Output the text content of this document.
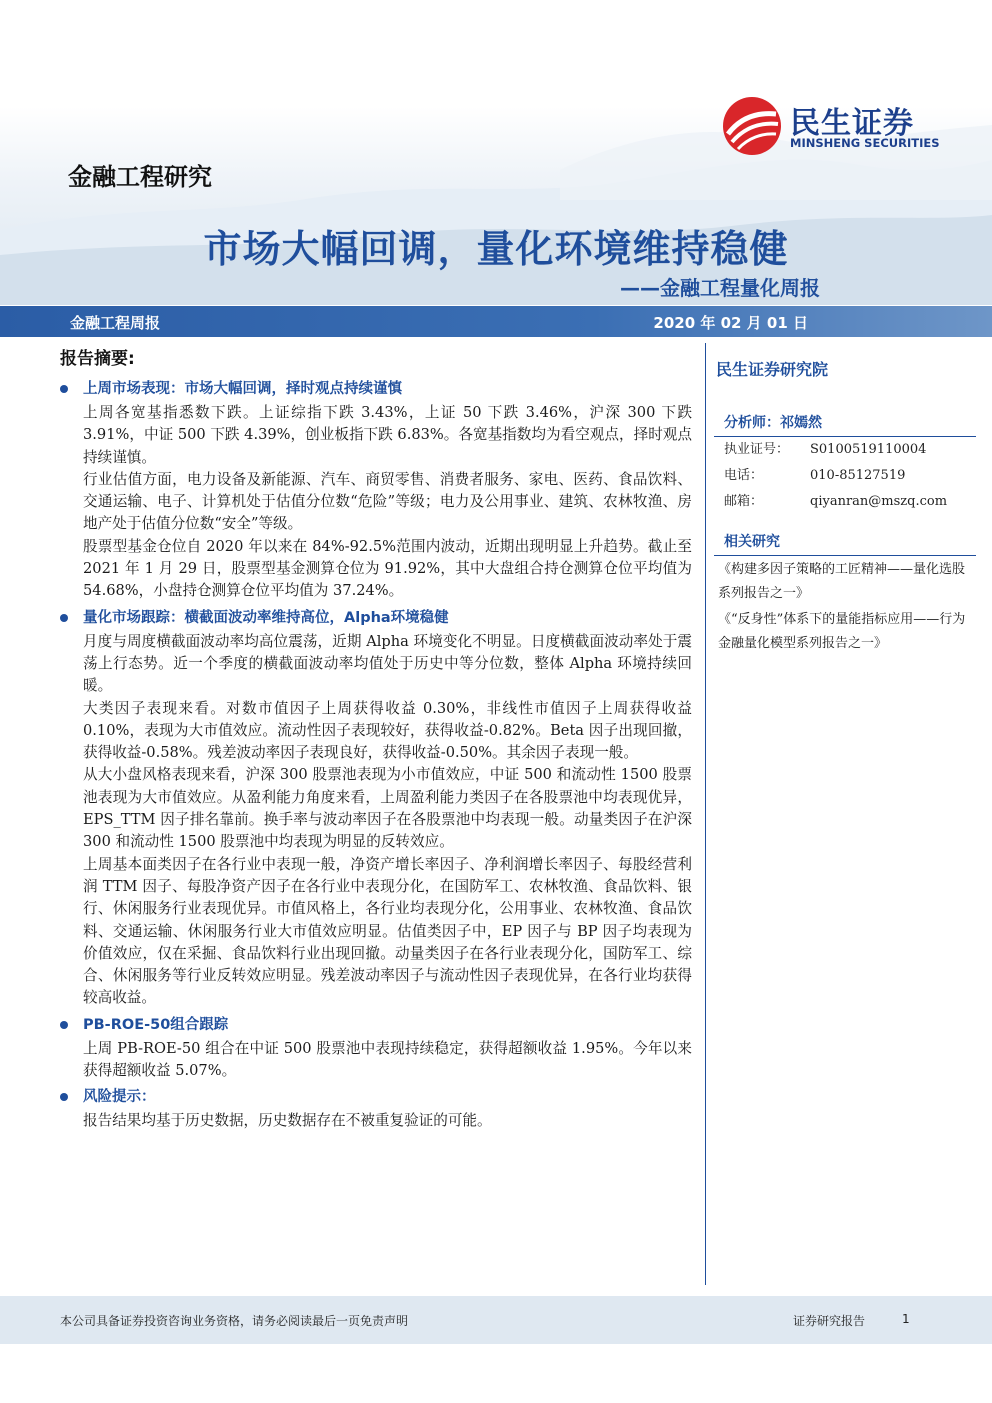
民生证券
MINSHENG SECURITIES
金融工程研究
市场大幅回调，量化环境维持稳健
——金融工程量化周报
金融工程周报	2020 年 02 月 01 日
报告摘要:
上周市场表现：市场大幅回调，择时观点持续谨慎

上周各宽基指悉数下跌。上证综指下跌 3.43%，上证 50 下跌 3.46%，沪深 300 下跌 3.91%，中证 500 下跌 4.39%，创业板指下跌 6.83%。各宽基指数均为看空观点，择时观点持续谨慎。

行业估值方面，电力设备及新能源、汽车、商贸零售、消费者服务、家电、医药、食品饮料、交通运输、电子、计算机处于估值分位数“危险”等级；电力及公用事业、建筑、农林牧渔、房地产处于估值分位数“安全”等级。

股票型基金仓位自 2020 年以来在 84%-92.5%范围内波动，近期出现明显上升趋势。截止至 2021 年 1 月 29 日，股票型基金测算仓位为 91.92%，其中大盘组合持仓测算仓位平均值为 54.68%，小盘持仓测算仓位平均值为 37.24%。

量化市场跟踪：横截面波动率维持高位，Alpha环境稳健

月度与周度横截面波动率均高位震荡，近期 Alpha 环境变化不明显。日度横截面波动率处于震荡上行态势。近一个季度的横截面波动率均值处于历史中等分位数，整体 Alpha 环境持续回暖。

大类因子表现来看。对数市值因子上周获得收益 0.30%，非线性市值因子上周获得收益 0.10%，表现为大市值效应。流动性因子表现较好，获得收益-0.82%。Beta 因子出现回撤，获得收益-0.58%。残差波动率因子表现良好，获得收益-0.50%。其余因子表现一般。

从大小盘风格表现来看，沪深 300 股票池表现为小市值效应，中证 500 和流动性 1500 股票池表现为大市值效应。从盈利能力角度来看，上周盈利能力类因子在各股票池中均表现优异，EPS_TTM 因子排名靠前。换手率与波动率因子在各股票池中均表现一般。动量类因子在沪深 300 和流动性 1500 股票池中均表现为明显的反转效应。

上周基本面类因子在各行业中表现一般，净资产增长率因子、净利润增长率因子、每股经营利润 TTM 因子、每股净资产因子在各行业中表现分化，在国防军工、农林牧渔、食品饮料、银行、休闲服务行业表现优异。市值风格上，各行业均表现分化，公用事业、农林牧渔、食品饮料、交通运输、休闲服务行业大市值效应明显。估值类因子中，EP 因子与 BP 因子均表现为价值效应，仅在采掘、食品饮料行业出现回撤。动量类因子在各行业表现分化，国防军工、综合、休闲服务等行业反转效应明显。残差波动率因子与流动性因子表现优异，在各行业均获得较高收益。

PB-ROE-50组合跟踪

上周 PB-ROE-50 组合在中证 500 股票池中表现持续稳定，获得超额收益 1.95%。今年以来获得超额收益 5.07%。

风险提示：

报告结果均基于历史数据，历史数据存在不被重复验证的可能。

民生证券研究院
分析师：祁嫣然
执业证号：	S0100519110004
电话：	010-85127519
邮箱：	qiyanran@mszq.com
相关研究
《构建多因子策略的工匠精神——量化选股系列报告之一》
《“反身性”体系下的量能指标应用——行为金融量化模型系列报告之一》
本公司具备证券投资咨询业务资格，请务必阅读最后一页免责声明	证券研究报告	1
